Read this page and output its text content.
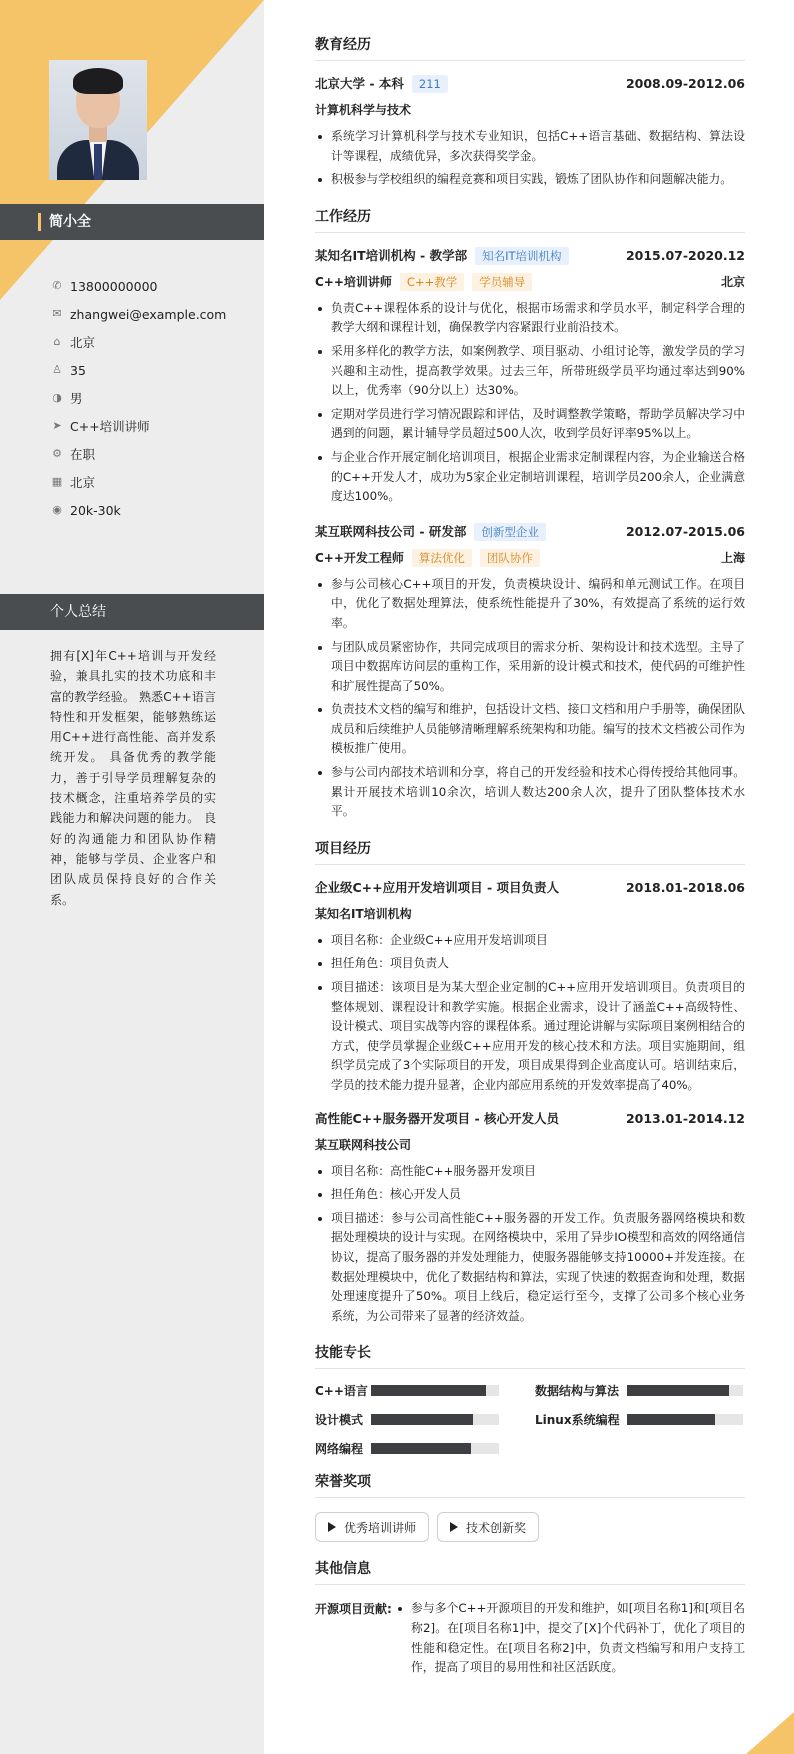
简小全
✆ 13800000000
✉ zhangwei@example.com
⌂ 北京
♙ 35
◑ 男
➤ C++培训讲师
⚙ 在职
▦ 北京
◉ 20k-30k
个人总结
拥有[X]年C++培训与开发经验，兼具扎实的技术功底和丰富的教学经验。 熟悉C++语言特性和开发框架，能够熟练运用C++进行高性能、高并发系统开发。 具备优秀的教学能力，善于引导学员理解复杂的技术概念，注重培养学员的实践能力和解决问题的能力。 良好的沟通能力和团队协作精神，能够与学员、企业客户和团队成员保持良好的合作关系。
教育经历
北京大学 - 本科	211	2008.09-2012.06
计算机科学与技术
系统学习计算机科学与技术专业知识，包括C++语言基础、数据结构、算法设计等课程，成绩优异，多次获得奖学金。
积极参与学校组织的编程竞赛和项目实践，锻炼了团队协作和问题解决能力。
工作经历
某知名IT培训机构 - 教学部	知名IT培训机构	2015.07-2020.12
C++培训讲师	C++教学	学员辅导	北京
负责C++课程体系的设计与优化，根据市场需求和学员水平，制定科学合理的教学大纲和课程计划，确保教学内容紧跟行业前沿技术。
采用多样化的教学方法，如案例教学、项目驱动、小组讨论等，激发学员的学习兴趣和主动性，提高教学效果。过去三年，所带班级学员平均通过率达到90%以上，优秀率（90分以上）达30%。
定期对学员进行学习情况跟踪和评估，及时调整教学策略，帮助学员解决学习中遇到的问题，累计辅导学员超过500人次，收到学员好评率95%以上。
与企业合作开展定制化培训项目，根据企业需求定制课程内容，为企业输送合格的C++开发人才，成功为5家企业定制培训课程，培训学员200余人，企业满意度达100%。
某互联网科技公司 - 研发部	创新型企业	2012.07-2015.06
C++开发工程师	算法优化	团队协作	上海
参与公司核心C++项目的开发，负责模块设计、编码和单元测试工作。在项目中，优化了数据处理算法，使系统性能提升了30%，有效提高了系统的运行效率。
与团队成员紧密协作，共同完成项目的需求分析、架构设计和技术选型。主导了项目中数据库访问层的重构工作，采用新的设计模式和技术，使代码的可维护性和扩展性提高了50%。
负责技术文档的编写和维护，包括设计文档、接口文档和用户手册等，确保团队成员和后续维护人员能够清晰理解系统架构和功能。编写的技术文档被公司作为模板推广使用。
参与公司内部技术培训和分享，将自己的开发经验和技术心得传授给其他同事。累计开展技术培训10余次，培训人数达200余人次，提升了团队整体技术水平。
项目经历
企业级C++应用开发培训项目 - 项目负责人	2018.01-2018.06
某知名IT培训机构
项目名称：企业级C++应用开发培训项目
担任角色：项目负责人
项目描述：该项目是为某大型企业定制的C++应用开发培训项目。负责项目的整体规划、课程设计和教学实施。根据企业需求，设计了涵盖C++高级特性、设计模式、项目实战等内容的课程体系。通过理论讲解与实际项目案例相结合的方式，使学员掌握企业级C++应用开发的核心技术和方法。项目实施期间，组织学员完成了3个实际项目的开发，项目成果得到企业高度认可。培训结束后，学员的技术能力提升显著，企业内部应用系统的开发效率提高了40%。
高性能C++服务器开发项目 - 核心开发人员	2013.01-2014.12
某互联网科技公司
项目名称：高性能C++服务器开发项目
担任角色：核心开发人员
项目描述：参与公司高性能C++服务器的开发工作。负责服务器网络模块和数据处理模块的设计与实现。在网络模块中，采用了异步IO模型和高效的网络通信协议，提高了服务器的并发处理能力，使服务器能够支持10000+并发连接。在数据处理模块中，优化了数据结构和算法，实现了快速的数据查询和处理，数据处理速度提升了50%。项目上线后，稳定运行至今，支撑了公司多个核心业务系统，为公司带来了显著的经济效益。
技能专长
C++语言	数据结构与算法
设计模式	Linux系统编程
网络编程
荣誉奖项
优秀培训讲师	技术创新奖
其他信息
开源项目贡献:	参与多个C++开源项目的开发和维护，如[项目名称1]和[项目名称2]。在[项目名称1]中，提交了[X]个代码补丁，优化了项目的性能和稳定性。在[项目名称2]中，负责文档编写和用户支持工作，提高了项目的易用性和社区活跃度。
